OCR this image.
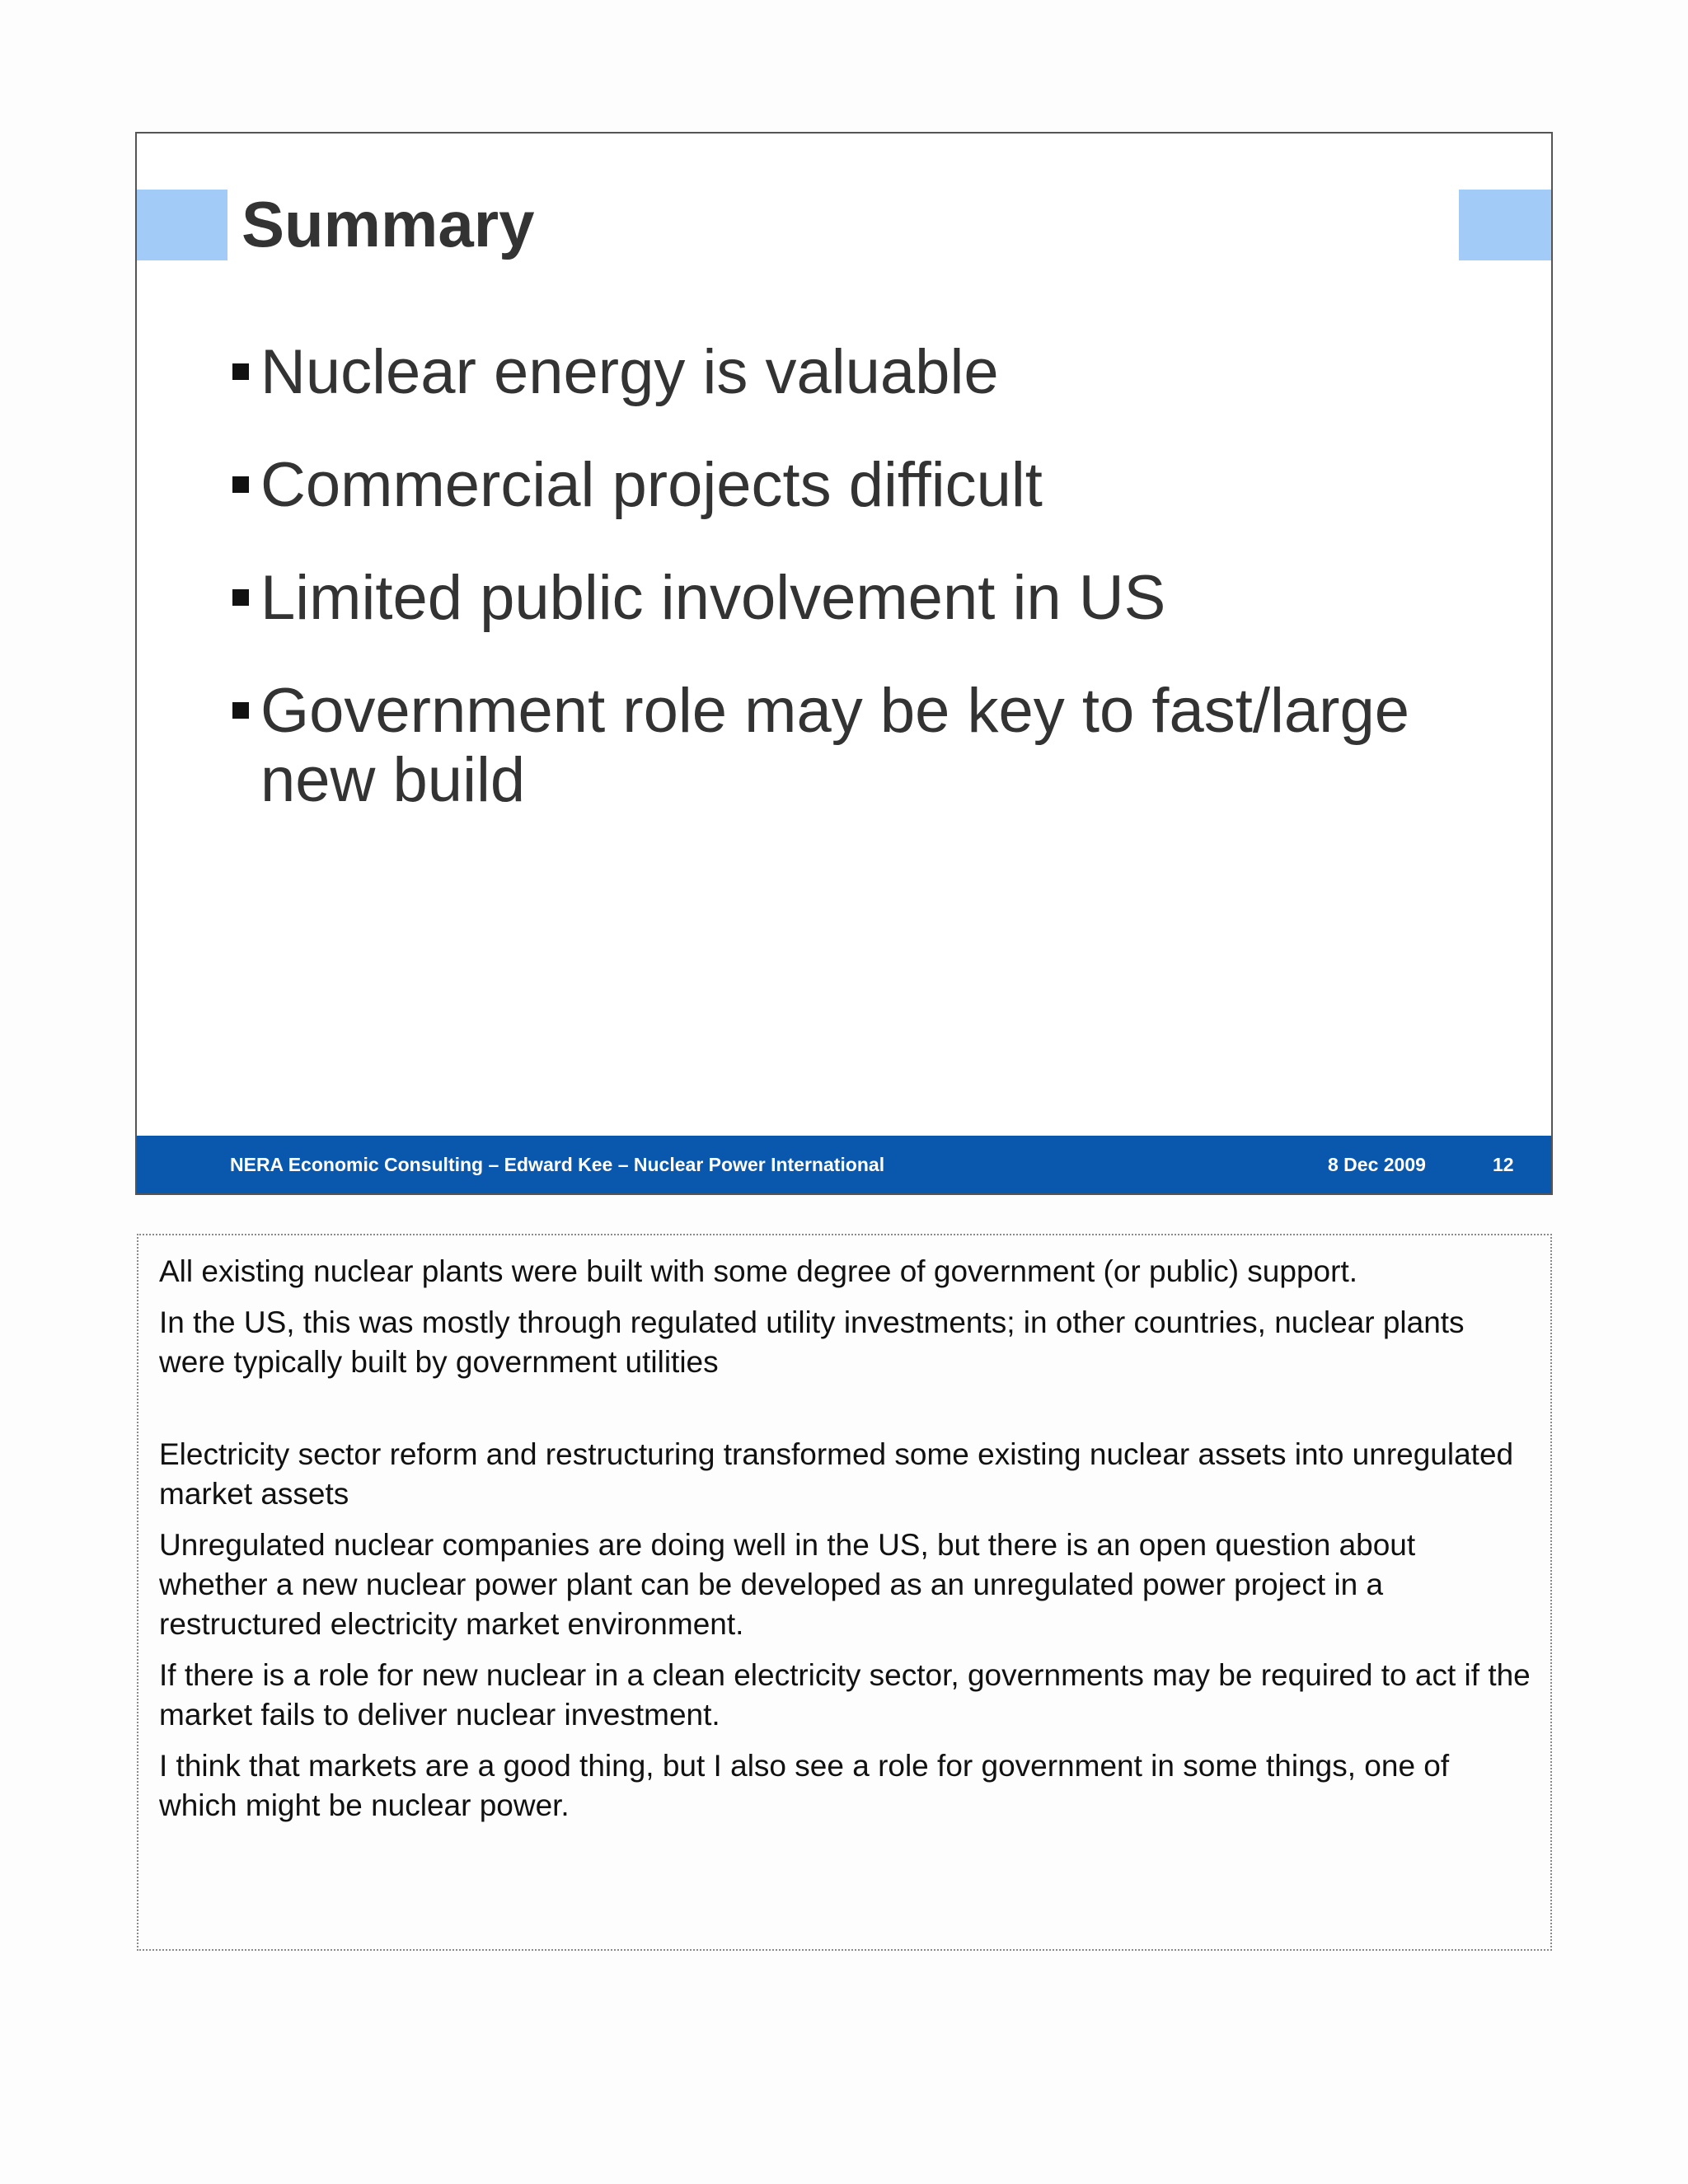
Summary
Nuclear energy is valuable
Commercial projects difficult
Limited public involvement in US
Government role may be key to fast/large new build
NERA Economic Consulting – Edward Kee – Nuclear Power International	8 Dec 2009	12

All existing nuclear plants were built with some degree of government (or public) support.

In the US, this was mostly through regulated utility investments; in other countries, nuclear plants were typically built by government utilities

Electricity sector reform and restructuring transformed some existing nuclear assets into unregulated market assets

Unregulated nuclear companies are doing well in the US, but there is an open question about whether a new nuclear power plant can be developed as an unregulated power project in a restructured electricity market environment.

If there is a role for new nuclear in a clean electricity sector, governments may be required to act if the market fails to deliver nuclear investment.

I think that markets are a good thing, but I also see a role for government in some things, one of which might be nuclear power.
